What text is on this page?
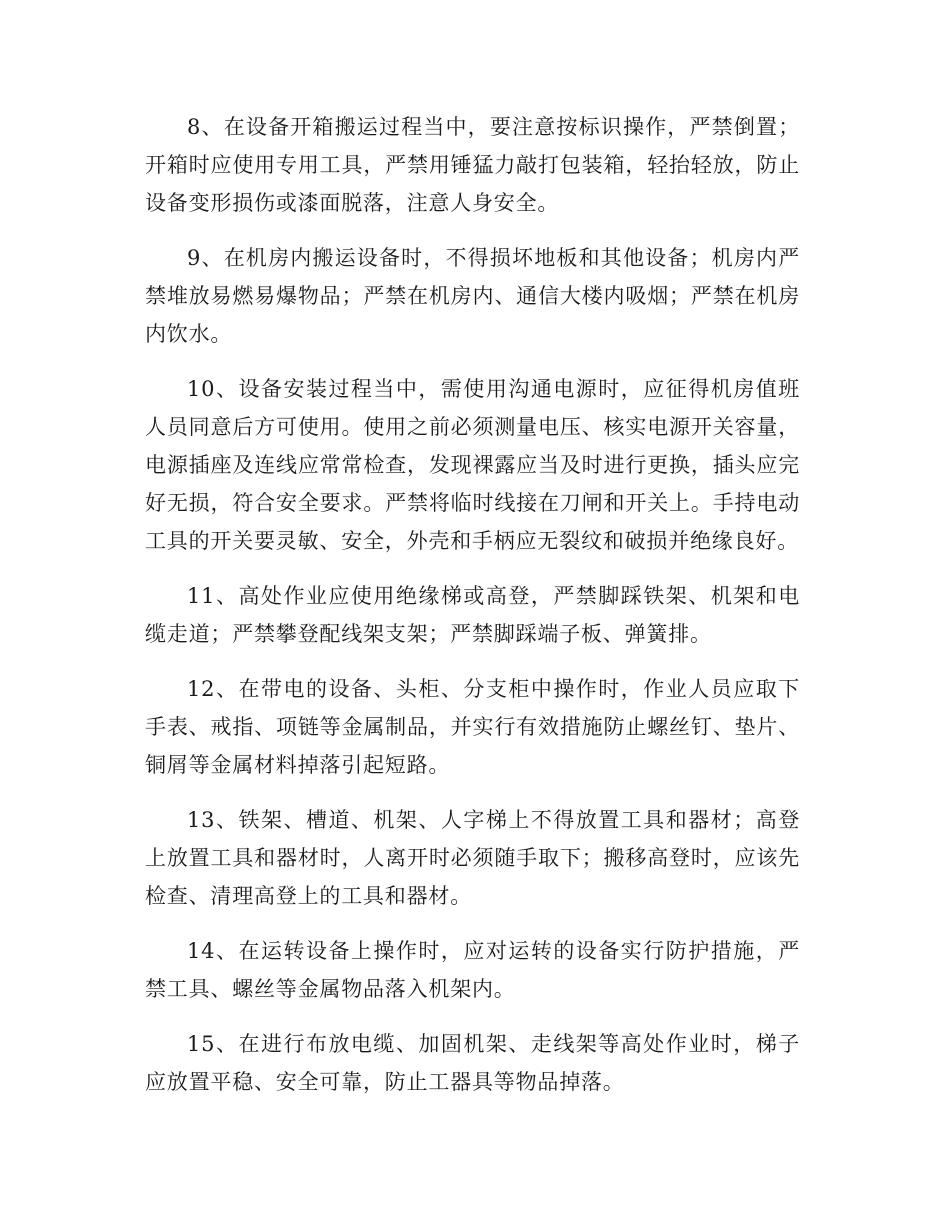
8、在设备开箱搬运过程当中，要注意按标识操作，严禁倒置；开箱时应使用专用工具，严禁用锤猛力敲打包装箱，轻抬轻放，防止设备变形损伤或漆面脱落，注意人身安全。

9、在机房内搬运设备时，不得损坏地板和其他设备；机房内严禁堆放易燃易爆物品；严禁在机房内、通信大楼内吸烟；严禁在机房内饮水。

10、设备安装过程当中，需使用沟通电源时，应征得机房值班人员同意后方可使用。使用之前必须测量电压、核实电源开关容量，电源插座及连线应常常检查，发现裸露应当及时进行更换，插头应完好无损，符合安全要求。严禁将临时线接在刀闸和开关上。手持电动工具的开关要灵敏、安全，外壳和手柄应无裂纹和破损并绝缘良好。

11、高处作业应使用绝缘梯或高登，严禁脚踩铁架、机架和电缆走道；严禁攀登配线架支架；严禁脚踩端子板、弹簧排。

12、在带电的设备、头柜、分支柜中操作时，作业人员应取下手表、戒指、项链等金属制品，并实行有效措施防止螺丝钉、垫片、铜屑等金属材料掉落引起短路。

13、铁架、槽道、机架、人字梯上不得放置工具和器材；高登上放置工具和器材时，人离开时必须随手取下；搬移高登时，应该先检查、清理高登上的工具和器材。

14、在运转设备上操作时，应对运转的设备实行防护措施，严禁工具、螺丝等金属物品落入机架内。

15、在进行布放电缆、加固机架、走线架等高处作业时，梯子应放置平稳、安全可靠，防止工器具等物品掉落。
